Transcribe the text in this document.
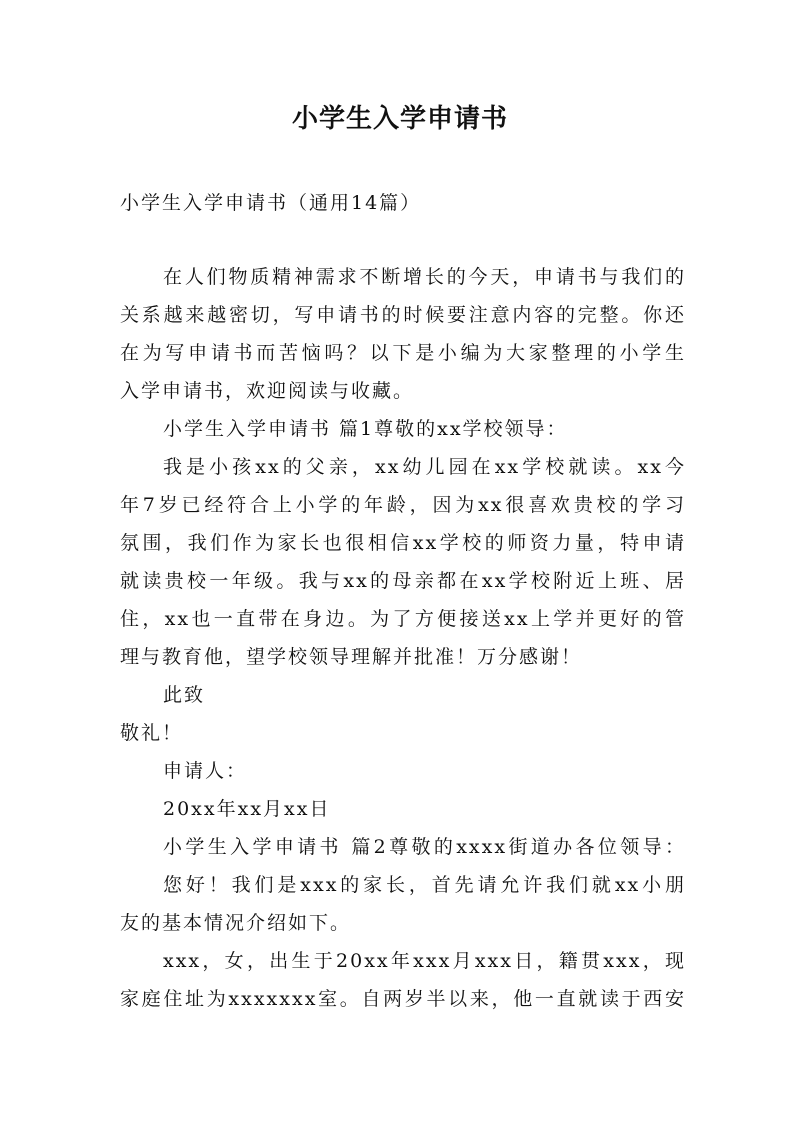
小学生入学申请书
小学生入学申请书（通用14篇）
在人们物质精神需求不断增长的今天，申请书与我们的
关系越来越密切，写申请书的时候要注意内容的完整。你还
在为写申请书而苦恼吗？以下是小编为大家整理的小学生
入学申请书，欢迎阅读与收藏。
小学生入学申请书 篇1尊敬的xx学校领导：
我是小孩xx的父亲，xx幼儿园在xx学校就读。xx今
年7岁已经符合上小学的年龄，因为xx很喜欢贵校的学习
氛围，我们作为家长也很相信xx学校的师资力量，特申请
就读贵校一年级。我与xx的母亲都在xx学校附近上班、居
住，xx也一直带在身边。为了方便接送xx上学并更好的管
理与教育他，望学校领导理解并批准！万分感谢！
此致
敬礼！
申请人：
20xx年xx月xx日
小学生入学申请书 篇2尊敬的xxxx街道办各位领导：
您好！我们是xxx的家长，首先请允许我们就xx小朋
友的基本情况介绍如下。
xxx，女，出生于20xx年xxx月xxx日，籍贯xxx，现
家庭住址为xxxxxxx室。自两岁半以来，他一直就读于西安
